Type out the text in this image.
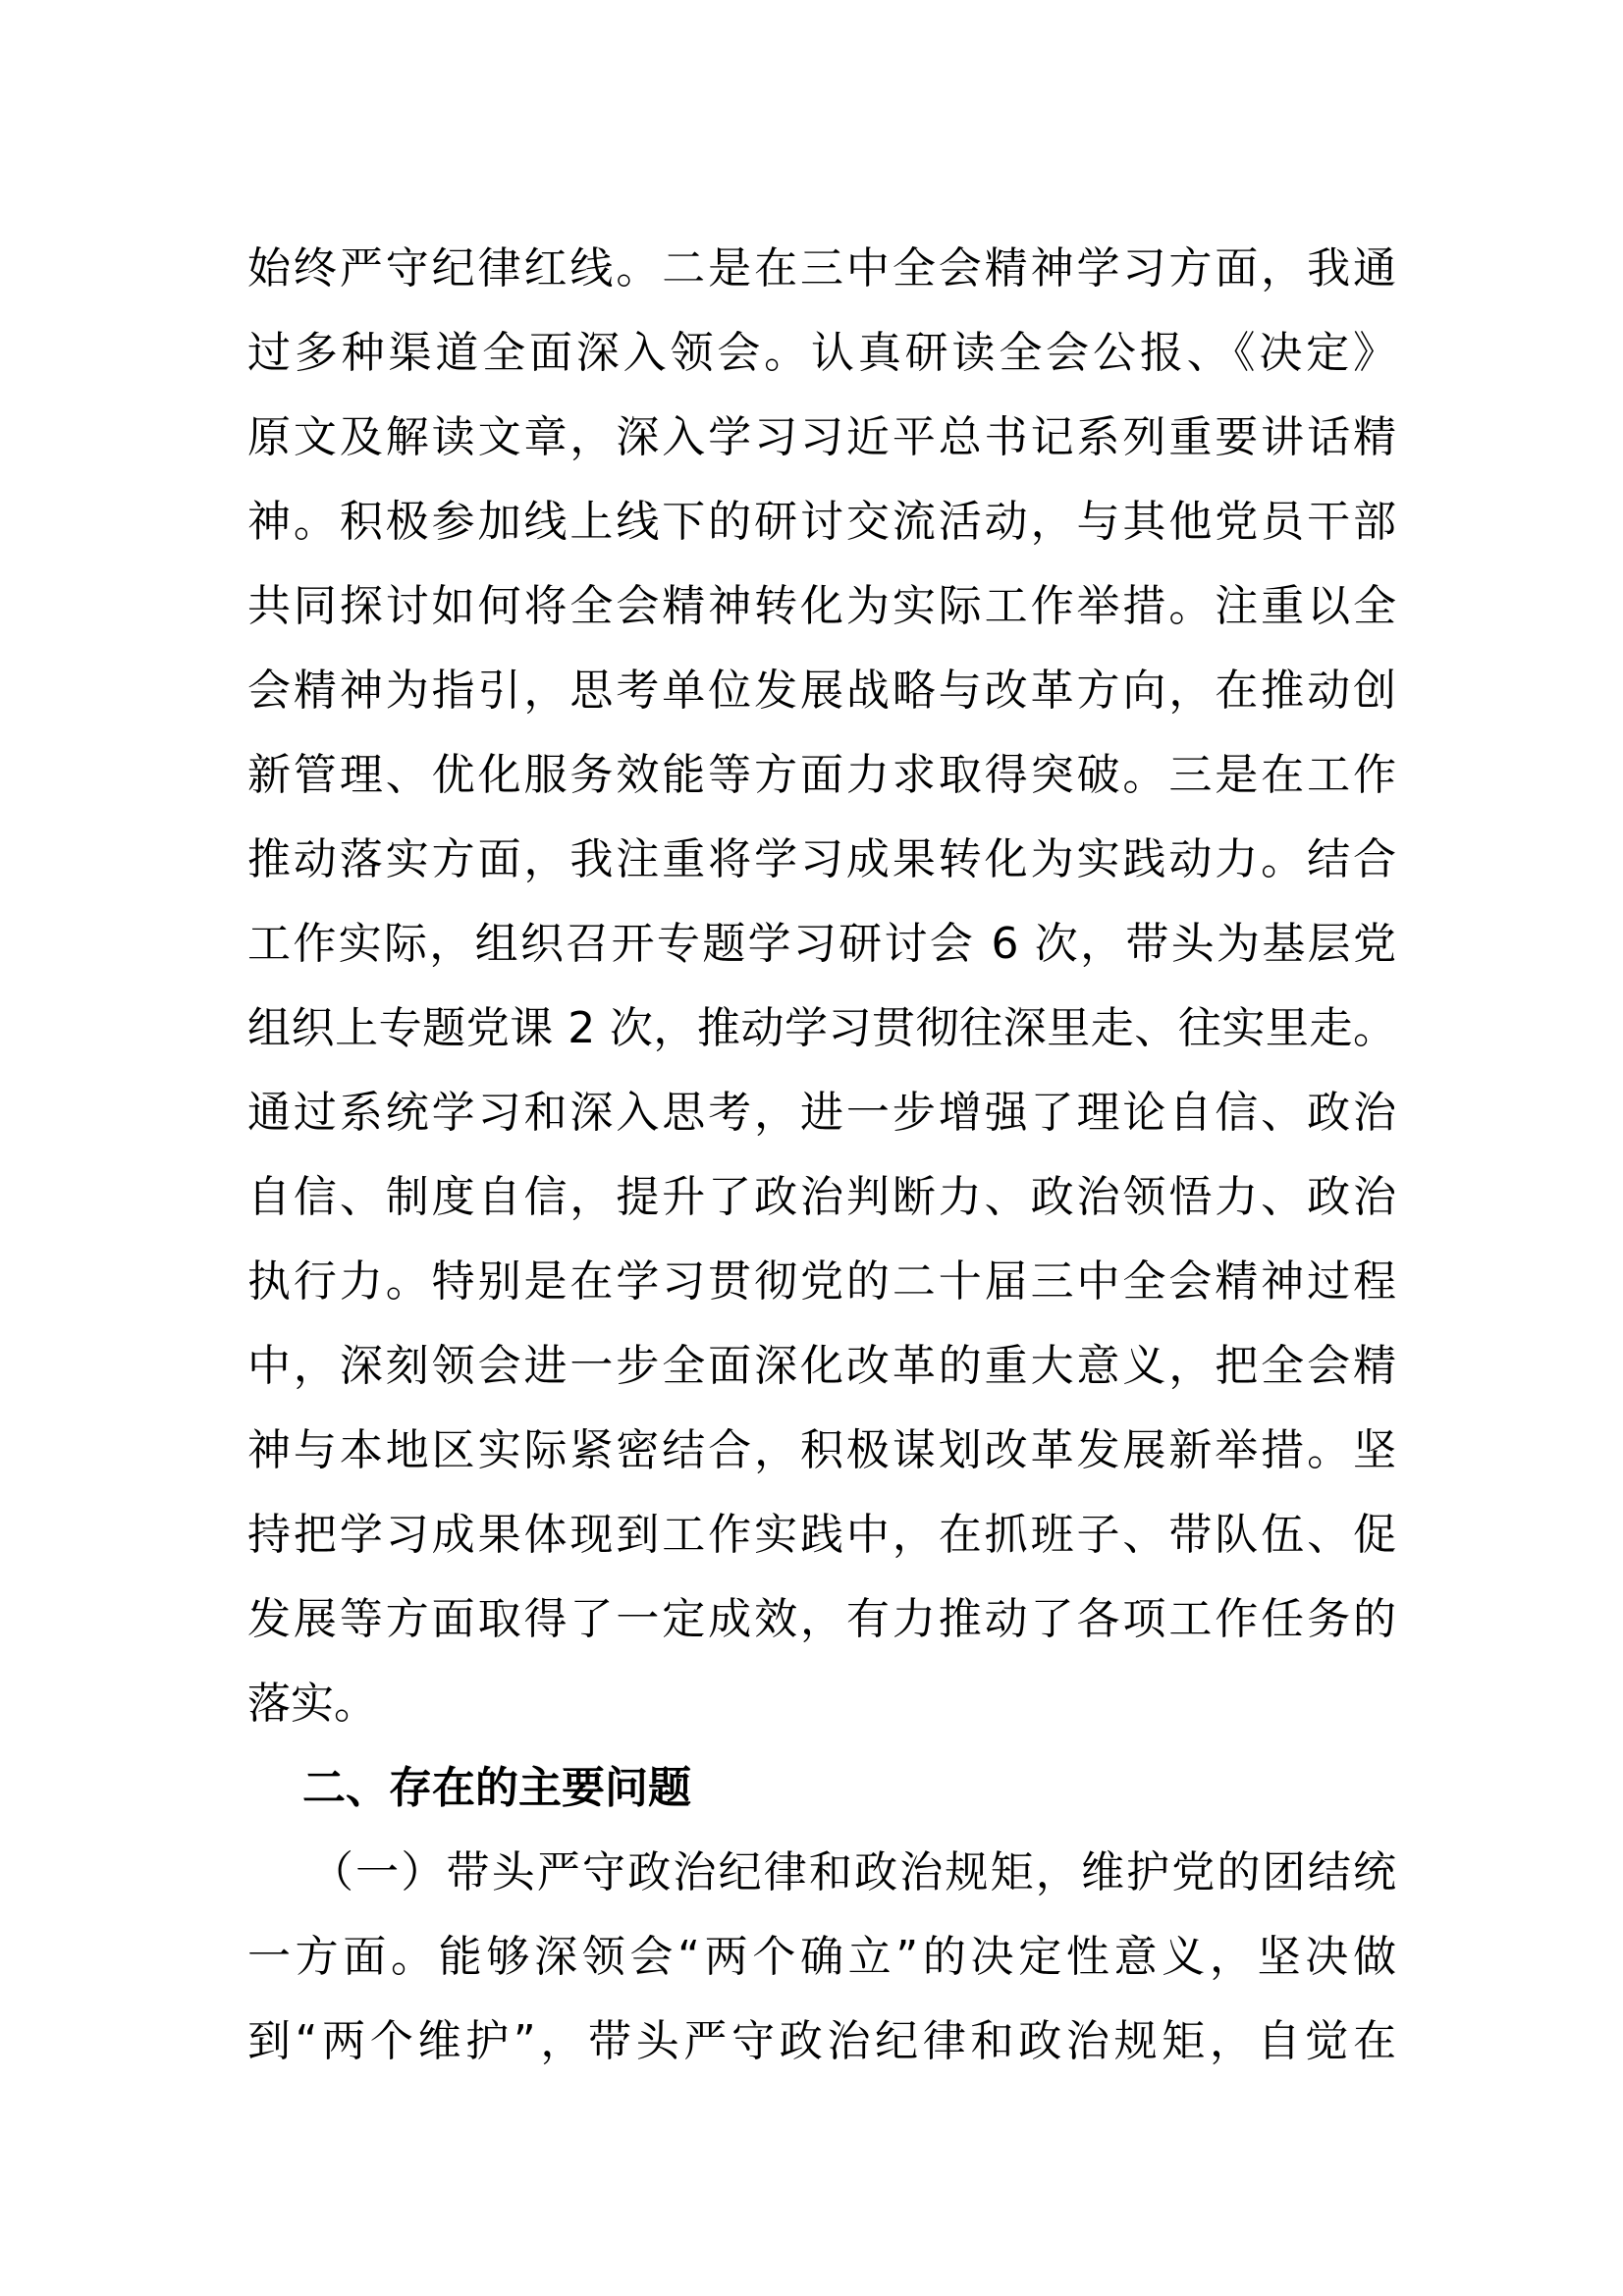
始终严守纪律红线。二是在三中全会精神学习方面，我通
过多种渠道全面深入领会。认真研读全会公报、《决定》
原文及解读文章，深入学习习近平总书记系列重要讲话精
神。积极参加线上线下的研讨交流活动，与其他党员干部
共同探讨如何将全会精神转化为实际工作举措。注重以全
会精神为指引，思考单位发展战略与改革方向，在推动创
新管理、优化服务效能等方面力求取得突破。三是在工作
推动落实方面，我注重将学习成果转化为实践动力。结合
工作实际，组织召开专题学习研讨会 6 次，带头为基层党
组织上专题党课 2 次，推动学习贯彻往深里走、往实里走。
通过系统学习和深入思考，进一步增强了理论自信、政治
自信、制度自信，提升了政治判断力、政治领悟力、政治
执行力。特别是在学习贯彻党的二十届三中全会精神过程
中，深刻领会进一步全面深化改革的重大意义，把全会精
神与本地区实际紧密结合，积极谋划改革发展新举措。坚
持把学习成果体现到工作实践中，在抓班子、带队伍、促
发展等方面取得了一定成效，有力推动了各项工作任务的
落实。
二、存在的主要问题
（一）带头严守政治纪律和政治规矩，维护党的团结统
一方面。能够深领会“两个确立”的决定性意义，坚决做
到“两个维护”，带头严守政治纪律和政治规矩，自觉在
